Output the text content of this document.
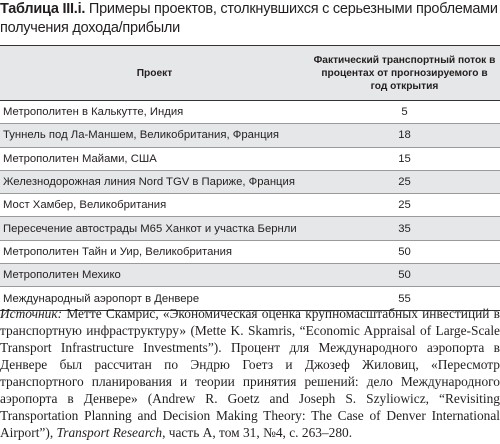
Таблица III.i. Примеры проектов, столкнувшихся с серьезными проблемами получения дохода/прибыли
Проект
Фактический транспортный поток в процентах от прогнозируемого в год открытия
Метрополитен в Калькутте, Индия	5
Туннель под Ла-Маншем, Великобритания, Франция	18
Метрополитен Майами, США	15
Железнодорожная линия Nord TGV в Париже, Франция	25
Мост Хамбер, Великобритания	25
Пересечение автострады М65 Ханкот и участка Бернли	35
Метрополитен Тайн и Уир, Великобритания	50
Метрополитен Мехико	50
Международный аэропорт в Денвере	55
Источник: Метте Скамрис, «Экономическая оценка крупномасштабных инвестиций в транспортную инфраструктуру» (Mette K. Skamris, “Economic Appraisal of Large-Scale Transport Infrastructure Investments”). Процент для Международного аэропорта в Денвере был рассчитан по Эндрю Гоетз и Джозеф Жиловиц, «Пересмотр транспортного планирования и теории принятия решений: дело Международного аэропорта в Денвере» (Andrew R. Goetz and Joseph S. Szyliowicz, “Revisiting Transportation Planning and Decision Making Theory: The Case of Denver International Airport”), Transport Research, часть A, том 31, №4, с. 263–280.
